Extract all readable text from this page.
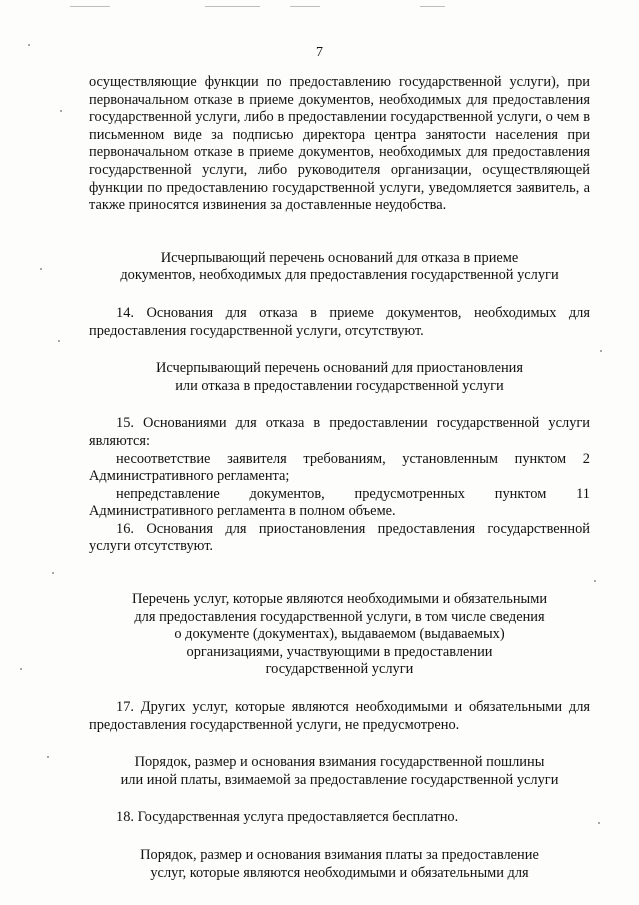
7

осуществляющие функции по предоставлению государственной услуги), при первоначальном отказе в приеме документов, необходимых для предоставления государственной услуги, либо в предоставлении государственной услуги, о чем в письменном виде за подписью директора центра занятости населения при первоначальном отказе в приеме документов, необходимых для предоставления государственной услуги, либо руководителя организации, осуществляющей функции по предоставлению государственной услуги, уведомляется заявитель, а также приносятся извинения за доставленные неудобства.

Исчерпывающий перечень оснований для отказа в приеме
документов, необходимых для предоставления государственной услуги

14. Основания для отказа в приеме документов, необходимых для предоставления государственной услуги, отсутствуют.

Исчерпывающий перечень оснований для приостановления
или отказа в предоставлении государственной услуги

15. Основаниями для отказа в предоставлении государственной услуги являются:

несоответствие заявителя требованиям, установленным пунктом 2 Административного регламента;

непредставление документов, предусмотренных пунктом 11 Административного регламента в полном объеме.

16. Основания для приостановления предоставления государственной услуги отсутствуют.

Перечень услуг, которые являются необходимыми и обязательными
для предоставления государственной услуги, в том числе сведения
о документе (документах), выдаваемом (выдаваемых)
организациями, участвующими в предоставлении
государственной услуги

17. Других услуг, которые являются необходимыми и обязательными для предоставления государственной услуги, не предусмотрено.

Порядок, размер и основания взимания государственной пошлины
или иной платы, взимаемой за предоставление государственной услуги

18. Государственная услуга предоставляется бесплатно.

Порядок, размер и основания взимания платы за предоставление
услуг, которые являются необходимыми и обязательными для
